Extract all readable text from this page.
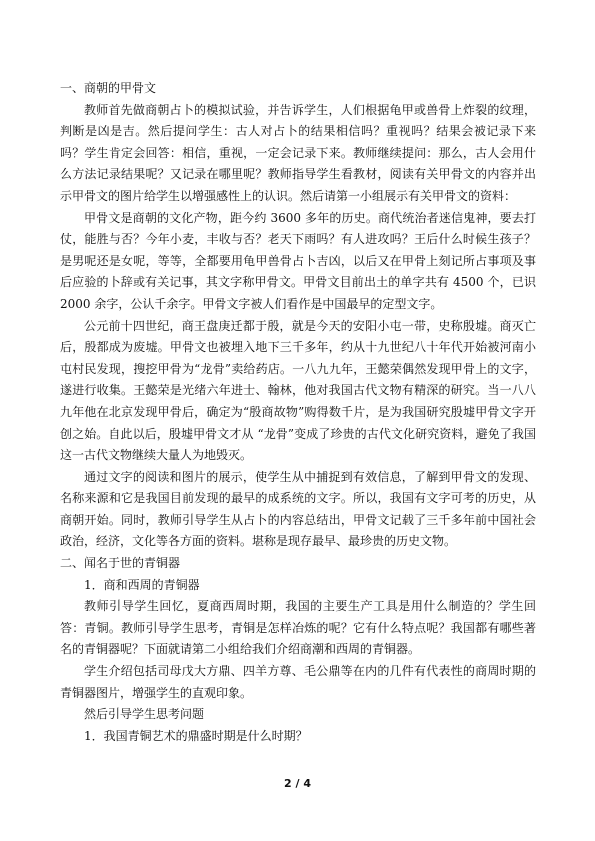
一、商朝的甲骨文

教师首先做商朝占卜的模拟试验，并告诉学生，人们根据龟甲或兽骨上炸裂的纹理，判断是凶是吉。然后提问学生：古人对占卜的结果相信吗？重视吗？结果会被记录下来吗？学生肯定会回答：相信，重视，一定会记录下来。教师继续提问：那么，古人会用什么方法记录结果呢？又记录在哪里呢？教师指导学生看教材，阅读有关甲骨文的内容并出示甲骨文的图片给学生以增强感性上的认识。然后请第一小组展示有关甲骨文的资料：

甲骨文是商朝的文化产物，距今约 3600 多年的历史。商代统治者迷信鬼神，要去打仗，能胜与否？今年小麦，丰收与否？老天下雨吗？有人进攻吗？王后什么时候生孩子？是男呢还是女呢，等等，全都要用龟甲兽骨占卜吉凶，以后又在甲骨上刻记所占事项及事后应验的卜辞或有关记事，其文字称甲骨文。甲骨文目前出土的单字共有 4500 个，已识 2000 余字，公认千余字。甲骨文字被人们看作是中国最早的定型文字。

公元前十四世纪，商王盘庚迁都于殷，就是今天的安阳小屯一带，史称殷墟。商灭亡后，殷都成为废墟。甲骨文也被埋入地下三千多年，约从十九世纪八十年代开始被河南小屯村民发现，搜挖甲骨为“龙骨”卖给药店。一八九九年，王懿荣偶然发现甲骨上的文字，遂进行收集。王懿荣是光绪六年进士、翰林，他对我国古代文物有精深的研究。当一八八九年他在北京发现甲骨后，确定为“殷商故物”购得数千片，是为我国研究殷墟甲骨文字开创之始。自此以后，殷墟甲骨文才从 “龙骨”变成了珍贵的古代文化研究资料，避免了我国这一古代文物继续大量人为地毁灭。

通过文字的阅读和图片的展示，使学生从中捕捉到有效信息，了解到甲骨文的发现、名称来源和它是我国目前发现的最早的成系统的文字。所以，我国有文字可考的历史，从商朝开始。同时，教师引导学生从占卜的内容总结出，甲骨文记载了三千多年前中国社会政治，经济，文化等各方面的资料。堪称是现存最早、最珍贵的历史文物。

二、闻名于世的青铜器

1．商和西周的青铜器

教师引导学生回忆，夏商西周时期，我国的主要生产工具是用什么制造的？学生回答：青铜。教师引导学生思考，青铜是怎样冶炼的呢？它有什么特点呢？我国都有哪些著名的青铜器呢？下面就请第二小组给我们介绍商潮和西周的青铜器。

学生介绍包括司母戊大方鼎、四羊方尊、毛公鼎等在内的几件有代表性的商周时期的青铜器图片，增强学生的直观印象。

然后引导学生思考问题

1．我国青铜艺术的鼎盛时期是什么时期？

2 / 4
